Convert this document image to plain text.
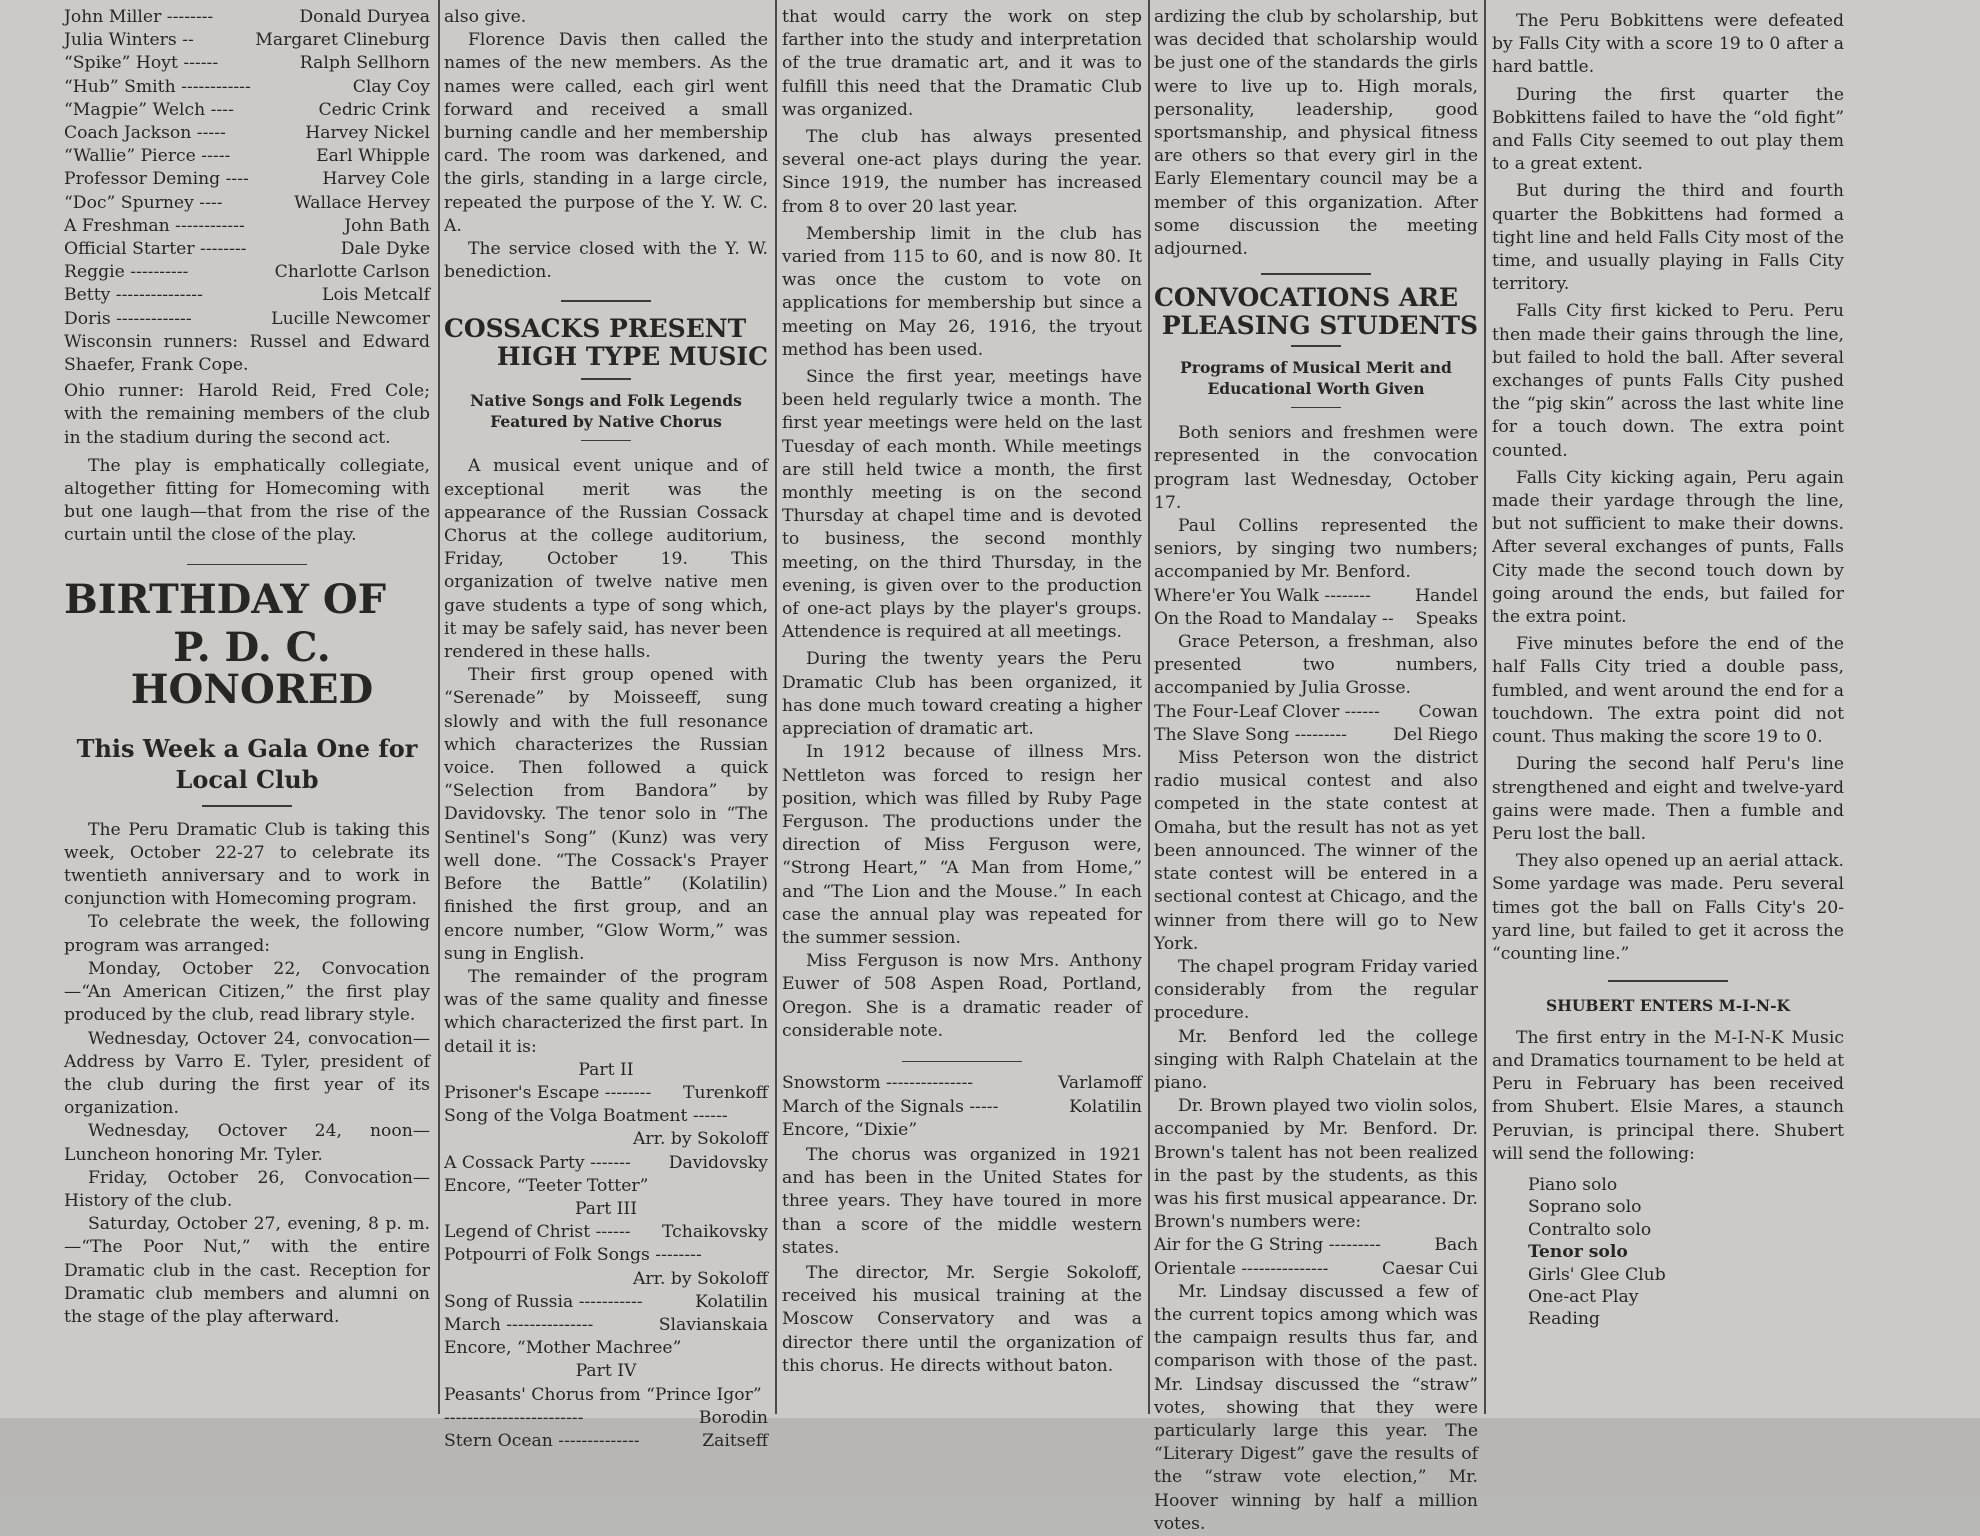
John Miller --------	Donald Duryea
Julia Winters --	Margaret Clineburg
“Spike” Hoyt ------	Ralph Sellhorn
“Hub” Smith ------------	Clay Coy
“Magpie” Welch ----	Cedric Crink
Coach Jackson -----	Harvey Nickel
“Wallie” Pierce -----	Earl Whipple
Professor Deming ----	Harvey Cole
“Doc” Spurney ----	Wallace Hervey
A Freshman ------------	John Bath
Official Starter --------	Dale Dyke
Reggie ----------	Charlotte Carlson
Betty ---------------	Lois Metcalf
Doris -------------	Lucille Newcomer

Wisconsin runners: Russel and Edward Shaefer, Frank Cope.

Ohio runner: Harold Reid, Fred Cole; with the remaining members of the club in the stadium during the second act.

The play is emphatically collegiate, altogether fitting for Homecoming with but one laugh—that from the rise of the curtain until the close of the play.

BIRTHDAY OF
P. D. C. HONORED
This Week a Gala One for Local Club

The Peru Dramatic Club is taking this week, October 22-27 to celebrate its twentieth anniversary and to work in conjunction with Homecoming program.

To celebrate the week, the following program was arranged:

Monday, October 22, Convocation—“An American Citizen,” the first play produced by the club, read library style.

Wednesday, Octover 24, convocation—Address by Varro E. Tyler, president of the club during the first year of its organization.

Wednesday, Octover 24, noon—Luncheon honoring Mr. Tyler.

Friday, October 26, Convocation—History of the club.

Saturday, October 27, evening, 8 p. m.—“The Poor Nut,” with the entire Dramatic club in the cast. Reception for Dramatic club members and alumni on the stage of the play afterward.

also give.

Florence Davis then called the names of the new members. As the names were called, each girl went forward and received a small burning candle and her membership card. The room was darkened, and the girls, standing in a large circle, repeated the purpose of the Y. W. C. A.

The service closed with the Y. W. benediction.

COSSACKS PRESENT
HIGH TYPE MUSIC
Native Songs and Folk Legends Featured by Native Chorus

A musical event unique and of exceptional merit was the appearance of the Russian Cossack Chorus at the college auditorium, Friday, October 19. This organization of twelve native men gave students a type of song which, it may be safely said, has never been rendered in these halls.

Their first group opened with “Serenade” by Moisseeff, sung slowly and with the full resonance which characterizes the Russian voice. Then followed a quick “Selection from Bandora” by Davidovsky. The tenor solo in “The Sentinel's Song” (Kunz) was very well done. “The Cossack's Prayer Before the Battle” (Kolatilin) finished the first group, and an encore number, “Glow Worm,” was sung in English.

The remainder of the program was of the same quality and finesse which characterized the first part. In detail it is:

Part II
Prisoner's Escape -------- Turenkoff
Song of the Volga Boatment ------
Arr. by Sokoloff
A Cossack Party ------- Davidovsky
Encore, “Teeter Totter”
Part III
Legend of Christ ------ Tchaikovsky
Potpourri of Folk Songs --------
Arr. by Sokoloff
Song of Russia -----------	Kolatilin
March ---------------	Slavianskaia
Encore, “Mother Machree”
Part IV
Peasants' Chorus from “Prince Igor”
------------------------	Borodin
Stern Ocean --------------	Zaitseff

that would carry the work on step farther into the study and interpretation of the true dramatic art, and it was to fulfill this need that the Dramatic Club was organized.

The club has always presented several one-act plays during the year. Since 1919, the number has increased from 8 to over 20 last year.

Membership limit in the club has varied from 115 to 60, and is now 80. It was once the custom to vote on applications for membership but since a meeting on May 26, 1916, the tryout method has been used.

Since the first year, meetings have been held regularly twice a month. The first year meetings were held on the last Tuesday of each month. While meetings are still held twice a month, the first monthly meeting is on the second Thursday at chapel time and is devoted to business, the second monthly meeting, on the third Thursday, in the evening, is given over to the production of one-act plays by the player's groups. Attendence is required at all meetings.

During the twenty years the Peru Dramatic Club has been organized, it has done much toward creating a higher appreciation of dramatic art.

In 1912 because of illness Mrs. Nettleton was forced to resign her position, which was filled by Ruby Page Ferguson. The productions under the direction of Miss Ferguson were, “Strong Heart,” “A Man from Home,” and “The Lion and the Mouse.” In each case the annual play was repeated for the summer session.

Miss Ferguson is now Mrs. Anthony Euwer of 508 Aspen Road, Portland, Oregon. She is a dramatic reader of considerable note.

Snowstorm ---------------	Varlamoff
March of the Signals -----	Kolatilin
Encore, “Dixie”

The chorus was organized in 1921 and has been in the United States for three years. They have toured in more than a score of the middle western states.

The director, Mr. Sergie Sokoloff, received his musical training at the Moscow Conservatory and was a director there until the organization of this chorus. He directs without baton.

ardizing the club by scholarship, but was decided that scholarship would be just one of the standards the girls were to live up to. High morals, personality, leadership, good sportsmanship, and physical fitness are others so that every girl in the Early Elementary council may be a member of this organization. After some discussion the meeting adjourned.

CONVOCATIONS ARE
PLEASING STUDENTS
Programs of Musical Merit and Educational Worth Given

Both seniors and freshmen were represented in the convocation program last Wednesday, October 17.

Paul Collins represented the seniors, by singing two numbers; accompanied by Mr. Benford.

Where'er You Walk --------	Handel
On the Road to Mandalay -- Speaks

Grace Peterson, a freshman, also presented two numbers, accompanied by Julia Grosse.

The Four-Leaf Clover ------ Cowan
The Slave Song ---------	Del Riego

Miss Peterson won the district radio musical contest and also competed in the state contest at Omaha, but the result has not as yet been announced. The winner of the state contest will be entered in a sectional contest at Chicago, and the winner from there will go to New York.

The chapel program Friday varied considerably from the regular procedure.

Mr. Benford led the college singing with Ralph Chatelain at the piano.

Dr. Brown played two violin solos, accompanied by Mr. Benford. Dr. Brown's talent has not been realized in the past by the students, as this was his first musical appearance. Dr. Brown's numbers were:

Air for the G String ---------	Bach
Orientale ---------------	Caesar Cui

Mr. Lindsay discussed a few of the current topics among which was the campaign results thus far, and comparison with those of the past. Mr. Lindsay discussed the “straw” votes, showing that they were particularly large this year. The “Literary Digest” gave the results of the “straw vote election,” Mr. Hoover winning by half a million votes.

The Peru Bobkittens were defeated by Falls City with a score 19 to 0 after a hard battle.

During the first quarter the Bobkittens failed to have the “old fight” and Falls City seemed to out play them to a great extent.

But during the third and fourth quarter the Bobkittens had formed a tight line and held Falls City most of the time, and usually playing in Falls City territory.

Falls City first kicked to Peru. Peru then made their gains through the line, but failed to hold the ball. After several exchanges of punts Falls City pushed the “pig skin” across the last white line for a touch down. The extra point counted.

Falls City kicking again, Peru again made their yardage through the line, but not sufficient to make their downs. After several exchanges of punts, Falls City made the second touch down by going around the ends, but failed for the extra point.

Five minutes before the end of the half Falls City tried a double pass, fumbled, and went around the end for a touchdown. The extra point did not count. Thus making the score 19 to 0.

During the second half Peru's line strengthened and eight and twelve-yard gains were made. Then a fumble and Peru lost the ball.

They also opened up an aerial attack. Some yardage was made. Peru several times got the ball on Falls City's 20-yard line, but failed to get it across the “counting line.”

SHUBERT ENTERS M-I-N-K

The first entry in the M-I-N-K Music and Dramatics tournament to be held at Peru in February has been received from Shubert. Elsie Mares, a staunch Peruvian, is principal there. Shubert will send the following:

Piano solo
Soprano solo
Contralto solo
Tenor solo
Girls' Glee Club
One-act Play
Reading
